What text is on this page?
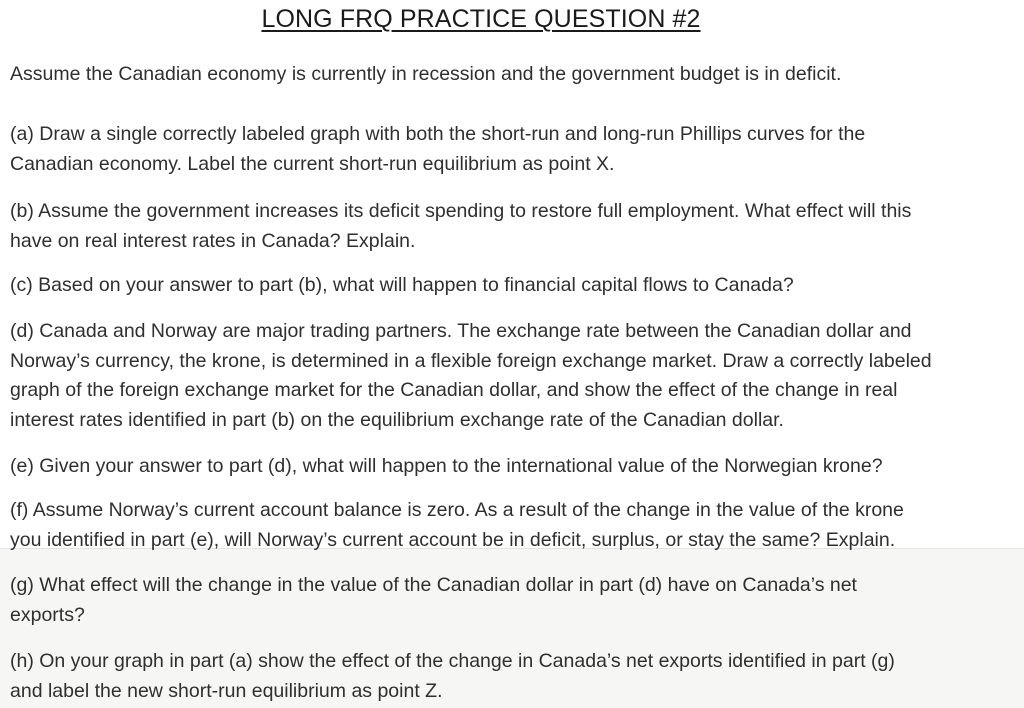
LONG FRQ PRACTICE QUESTION #2
Assume the Canadian economy is currently in recession and the government budget is in deficit.
(a) Draw a single correctly labeled graph with both the short-run and long-run Phillips curves for the
Canadian economy. Label the current short-run equilibrium as point X.
(b) Assume the government increases its deficit spending to restore full employment. What effect will this
have on real interest rates in Canada? Explain.
(c) Based on your answer to part (b), what will happen to financial capital flows to Canada?
(d) Canada and Norway are major trading partners. The exchange rate between the Canadian dollar and
Norway’s currency, the krone, is determined in a flexible foreign exchange market. Draw a correctly labeled
graph of the foreign exchange market for the Canadian dollar, and show the effect of the change in real
interest rates identified in part (b) on the equilibrium exchange rate of the Canadian dollar.
(e) Given your answer to part (d), what will happen to the international value of the Norwegian krone?
(f) Assume Norway’s current account balance is zero. As a result of the change in the value of the krone
you identified in part (e), will Norway’s current account be in deficit, surplus, or stay the same? Explain.
(g) What effect will the change in the value of the Canadian dollar in part (d) have on Canada’s net
exports?
(h) On your graph in part (a) show the effect of the change in Canada’s net exports identified in part (g)
and label the new short-run equilibrium as point Z.
